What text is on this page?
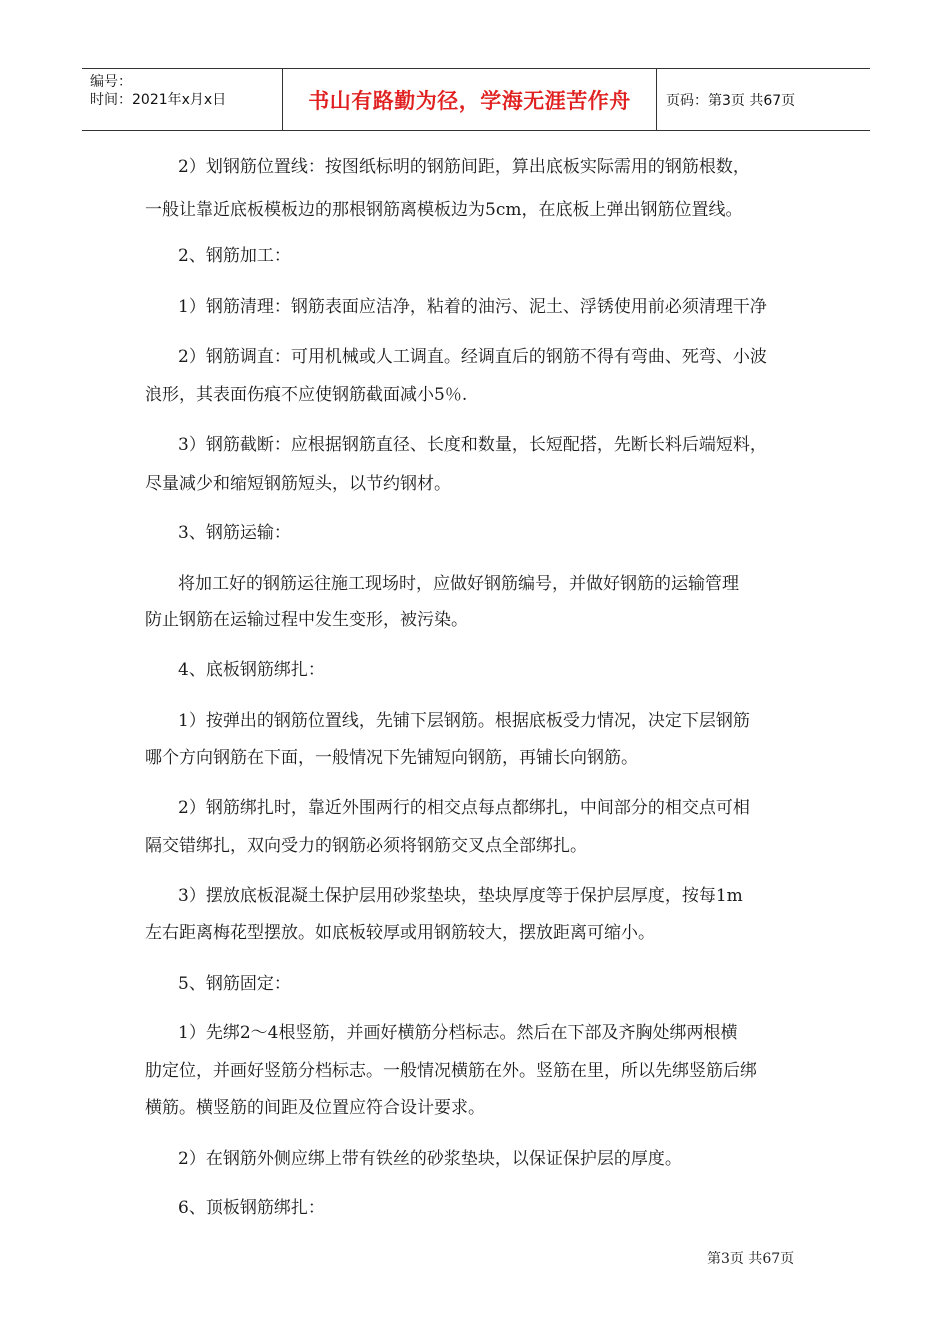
编号：
时间：2021年x月x日	书山有路勤为径，学海无涯苦作舟	页码：第3页 共67页
2）划钢筋位置线：按图纸标明的钢筋间距，算出底板实际需用的钢筋根数，
一般让靠近底板模板边的那根钢筋离模板边为5cm，在底板上弹出钢筋位置线。
2、钢筋加工：
1）钢筋清理：钢筋表面应洁净，粘着的油污、泥土、浮锈使用前必须清理干净
2）钢筋调直：可用机械或人工调直。经调直后的钢筋不得有弯曲、死弯、小波
浪形，其表面伤痕不应使钢筋截面减小5％.
3）钢筋截断：应根据钢筋直径、长度和数量，长短配搭，先断长料后端短料，
尽量减少和缩短钢筋短头，以节约钢材。
3、钢筋运输：
将加工好的钢筋运往施工现场时，应做好钢筋编号，并做好钢筋的运输管理
防止钢筋在运输过程中发生变形，被污染。
4、底板钢筋绑扎：
1）按弹出的钢筋位置线，先铺下层钢筋。根据底板受力情况，决定下层钢筋
哪个方向钢筋在下面，一般情况下先铺短向钢筋，再铺长向钢筋。
2）钢筋绑扎时，靠近外围两行的相交点每点都绑扎，中间部分的相交点可相
隔交错绑扎，双向受力的钢筋必须将钢筋交叉点全部绑扎。
3）摆放底板混凝土保护层用砂浆垫块，垫块厚度等于保护层厚度，按每1m
左右距离梅花型摆放。如底板较厚或用钢筋较大，摆放距离可缩小。
5、钢筋固定：
1）先绑2～4根竖筋，并画好横筋分档标志。然后在下部及齐胸处绑两根横
肋定位，并画好竖筋分档标志。一般情况横筋在外。竖筋在里，所以先绑竖筋后绑
横筋。横竖筋的间距及位置应符合设计要求。
2）在钢筋外侧应绑上带有铁丝的砂浆垫块，以保证保护层的厚度。
6、顶板钢筋绑扎：
第3页 共67页
